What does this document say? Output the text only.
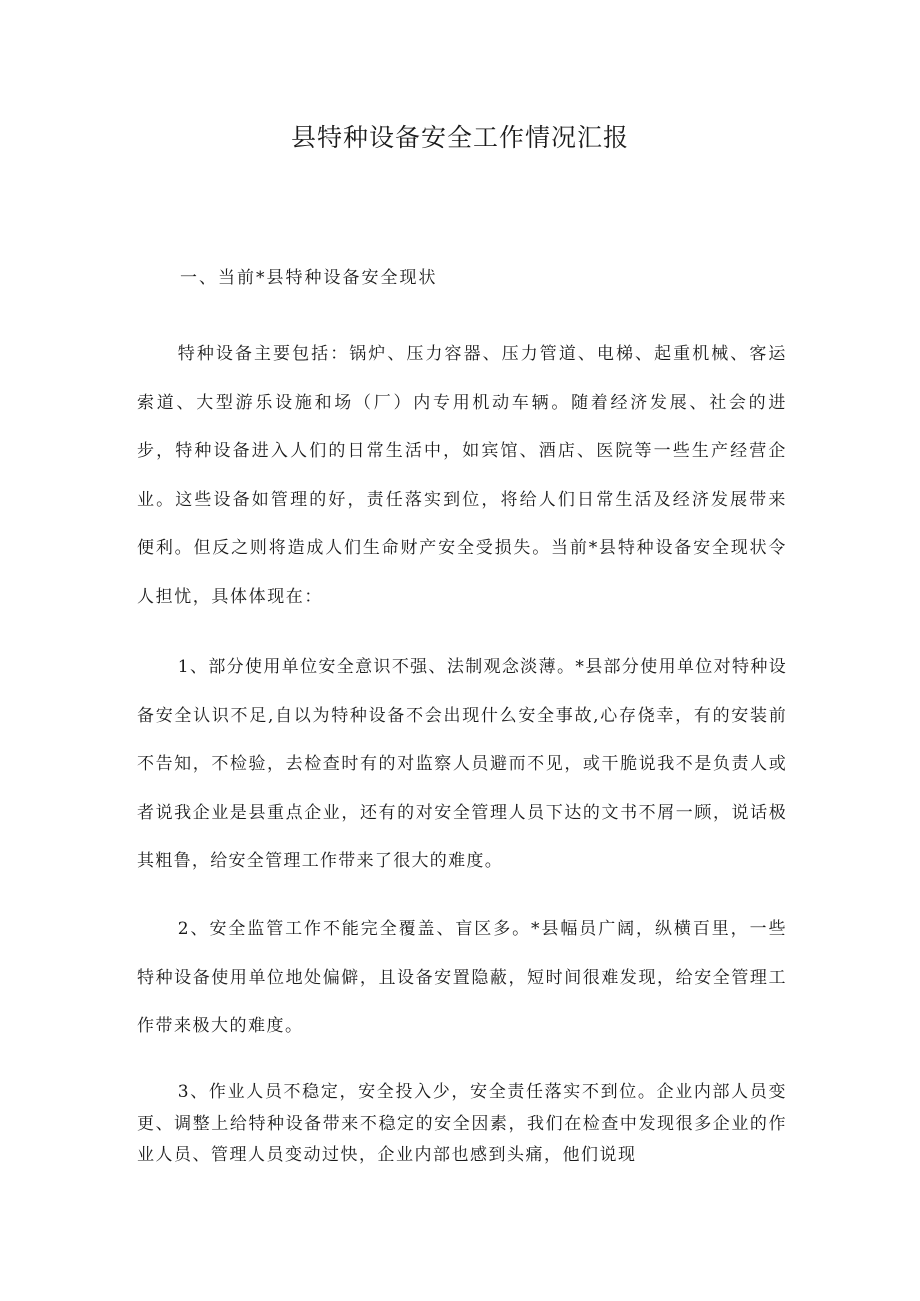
县特种设备安全工作情况汇报
一、当前*县特种设备安全现状

特种设备主要包括：锅炉、压力容器、压力管道、电梯、起重机械、客运索道、大型游乐设施和场（厂）内专用机动车辆。随着经济发展、社会的进步，特种设备进入人们的日常生活中，如宾馆、酒店、医院等一些生产经营企业。这些设备如管理的好，责任落实到位，将给人们日常生活及经济发展带来便利。但反之则将造成人们生命财产安全受损失。当前*县特种设备安全现状令人担忧，具体体现在：

1、部分使用单位安全意识不强、法制观念淡薄。*县部分使用单位对特种设备安全认识不足,自以为特种设备不会出现什么安全事故,心存侥幸，有的安装前不告知，不检验，去检查时有的对监察人员避而不见，或干脆说我不是负责人或者说我企业是县重点企业，还有的对安全管理人员下达的文书不屑一顾，说话极其粗鲁，给安全管理工作带来了很大的难度。

2、安全监管工作不能完全覆盖、盲区多。*县幅员广阔，纵横百里，一些特种设备使用单位地处偏僻，且设备安置隐蔽，短时间很难发现，给安全管理工作带来极大的难度。

3、作业人员不稳定，安全投入少，安全责任落实不到位。企业内部人员变更、调整上给特种设备带来不稳定的安全因素，我们在检查中发现很多企业的作业人员、管理人员变动过快，企业内部也感到头痛，他们说现
